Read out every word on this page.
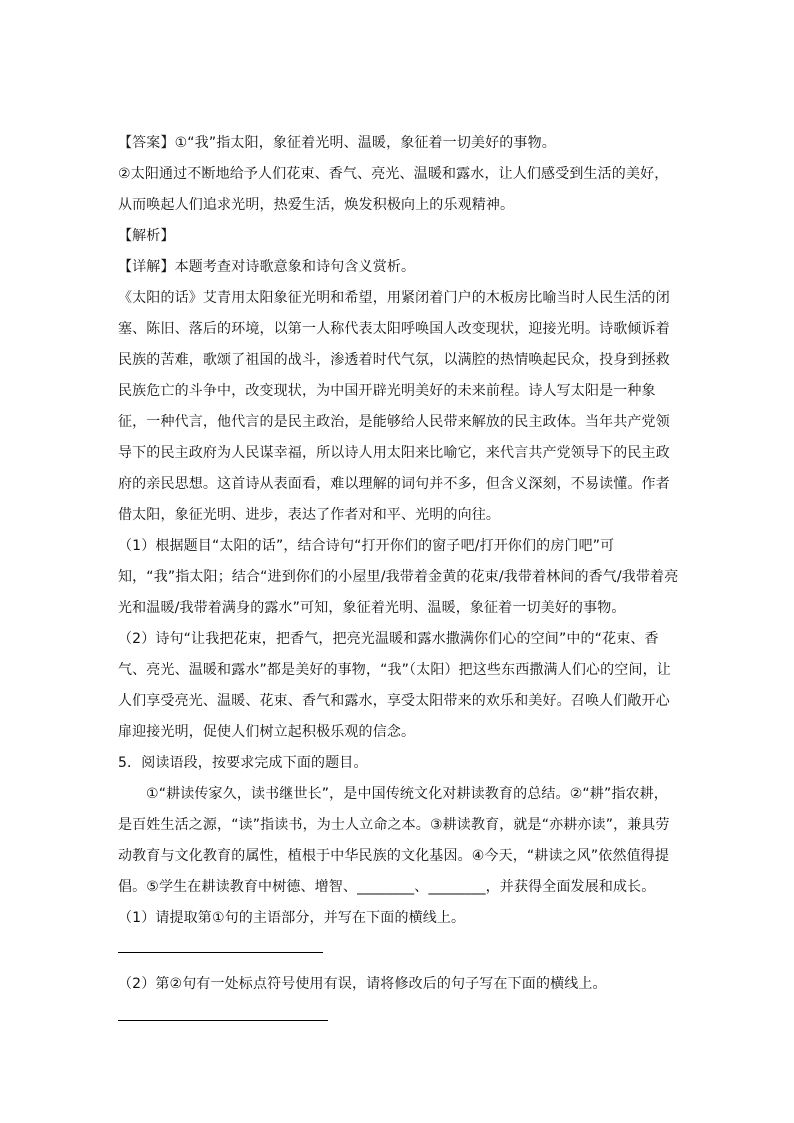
【答案】①“我”指太阳，象征着光明、温暖，象征着一切美好的事物。

②太阳通过不断地给予人们花束、香气、亮光、温暖和露水，让人们感受到生活的美好，从而唤起人们追求光明，热爱生活，焕发积极向上的乐观精神。

【解析】

【详解】本题考查对诗歌意象和诗句含义赏析。

《太阳的话》艾青用太阳象征光明和希望，用紧闭着门户的木板房比喻当时人民生活的闭塞、陈旧、落后的环境，以第一人称代表太阳呼唤国人改变现状，迎接光明。诗歌倾诉着民族的苦难，歌颂了祖国的战斗，渗透着时代气氛，以满腔的热情唤起民众，投身到拯救民族危亡的斗争中，改变现状，为中国开辟光明美好的未来前程。诗人写太阳是一种象征，一种代言，他代言的是民主政治，是能够给人民带来解放的民主政体。当年共产党领导下的民主政府为人民谋幸福，所以诗人用太阳来比喻它，来代言共产党领导下的民主政府的亲民思想。这首诗从表面看，难以理解的词句并不多，但含义深刻，不易读懂。作者借太阳，象征光明、进步，表达了作者对和平、光明的向往。

（1）根据题目“太阳的话”，结合诗句“打开你们的窗子吧/打开你们的房门吧”可知，“我”指太阳；结合“进到你们的小屋里/我带着金黄的花束/我带着林间的香气/我带着亮光和温暖/我带着满身的露水”可知，象征着光明、温暖，象征着一切美好的事物。

（2）诗句“让我把花束，把香气，把亮光温暖和露水撒满你们心的空间”中的“花束、香气、亮光、温暖和露水”都是美好的事物，“我”（太阳）把这些东西撒满人们心的空间，让人们享受亮光、温暖、花束、香气和露水，享受太阳带来的欢乐和美好。召唤人们敞开心扉迎接光明，促使人们树立起积极乐观的信念。

5．阅读语段，按要求完成下面的题目。

①“耕读传家久，读书继世长”，是中国传统文化对耕读教育的总结。②“耕”指农耕，是百姓生活之源，“读”指读书，为士人立命之本。③耕读教育，就是“亦耕亦读”，兼具劳动教育与文化教育的属性，植根于中华民族的文化基因。④今天，“耕读之风”依然值得提倡。⑤学生在耕读教育中树德、增智、________、________，并获得全面发展和成长。

（1）请提取第①句的主语部分，并写在下面的横线上。

（2）第②句有一处标点符号使用有误，请将修改后的句子写在下面的横线上。
